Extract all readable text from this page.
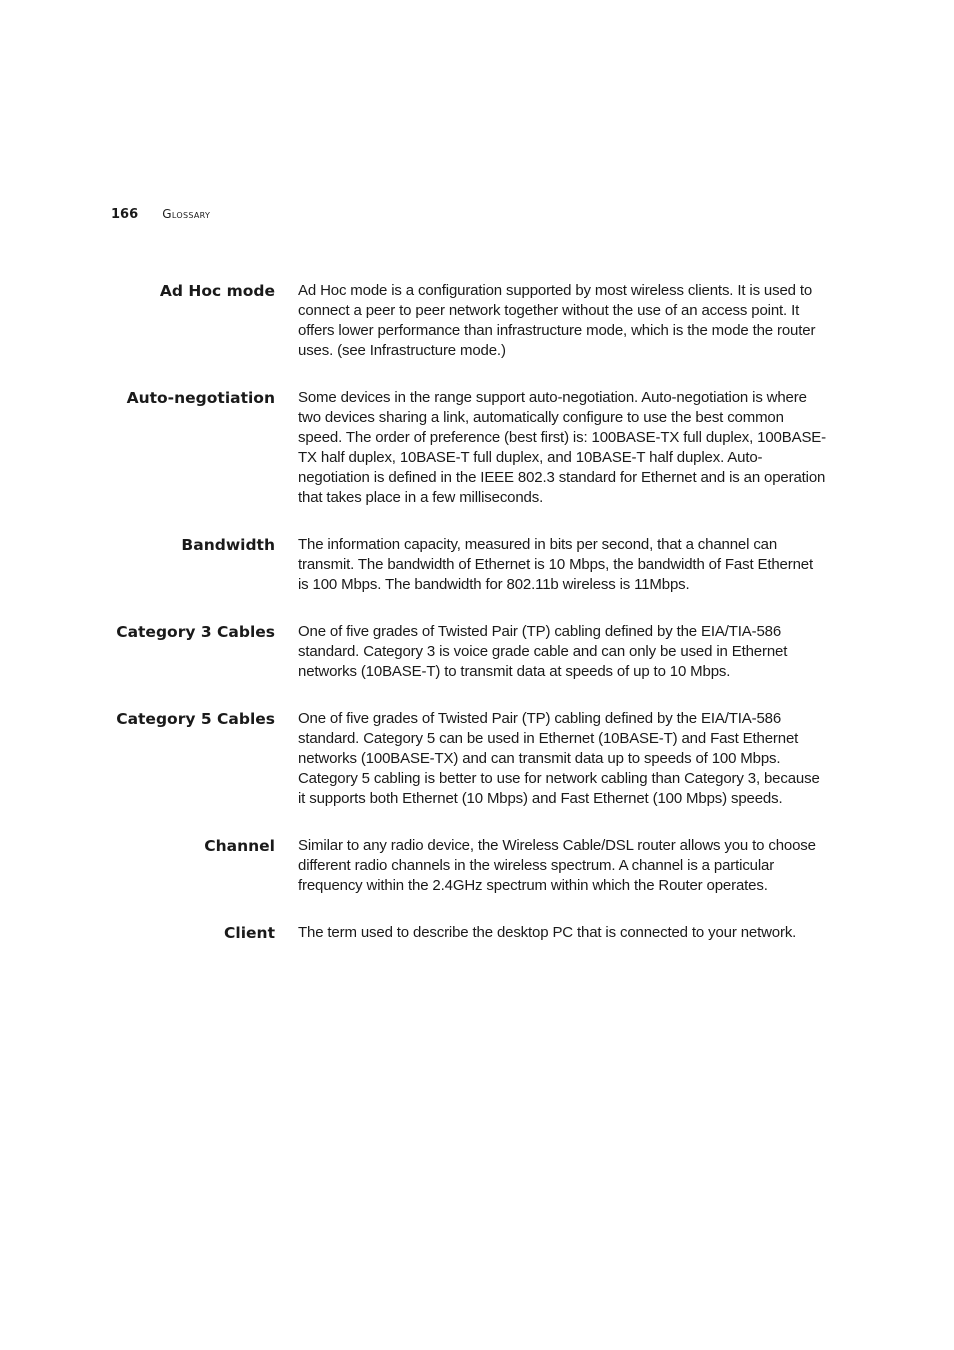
166 Glossary
Ad Hoc mode Ad Hoc mode is a configuration supported by most wireless clients. It is used to connect a peer to peer network together without the use of an access point. It offers lower performance than infrastructure mode, which is the mode the router uses. (see Infrastructure mode.)
Auto-negotiation Some devices in the range support auto-negotiation. Auto-negotiation is where two devices sharing a link, automatically configure to use the best common speed. The order of preference (best first) is: 100BASE-TX full duplex, 100BASE-TX half duplex, 10BASE-T full duplex, and 10BASE-T half duplex. Auto-negotiation is defined in the IEEE 802.3 standard for Ethernet and is an operation that takes place in a few milliseconds.
Bandwidth The information capacity, measured in bits per second, that a channel can transmit. The bandwidth of Ethernet is 10 Mbps, the bandwidth of Fast Ethernet is 100 Mbps. The bandwidth for 802.11b wireless is 11Mbps.
Category 3 Cables One of five grades of Twisted Pair (TP) cabling defined by the EIA/TIA-586 standard. Category 3 is voice grade cable and can only be used in Ethernet networks (10BASE-T) to transmit data at speeds of up to 10 Mbps.
Category 5 Cables One of five grades of Twisted Pair (TP) cabling defined by the EIA/TIA-586 standard. Category 5 can be used in Ethernet (10BASE-T) and Fast Ethernet networks (100BASE-TX) and can transmit data up to speeds of 100 Mbps. Category 5 cabling is better to use for network cabling than Category 3, because it supports both Ethernet (10 Mbps) and Fast Ethernet (100 Mbps) speeds.
Channel Similar to any radio device, the Wireless Cable/DSL router allows you to choose different radio channels in the wireless spectrum. A channel is a particular frequency within the 2.4GHz spectrum within which the Router operates.
Client The term used to describe the desktop PC that is connected to your network.
